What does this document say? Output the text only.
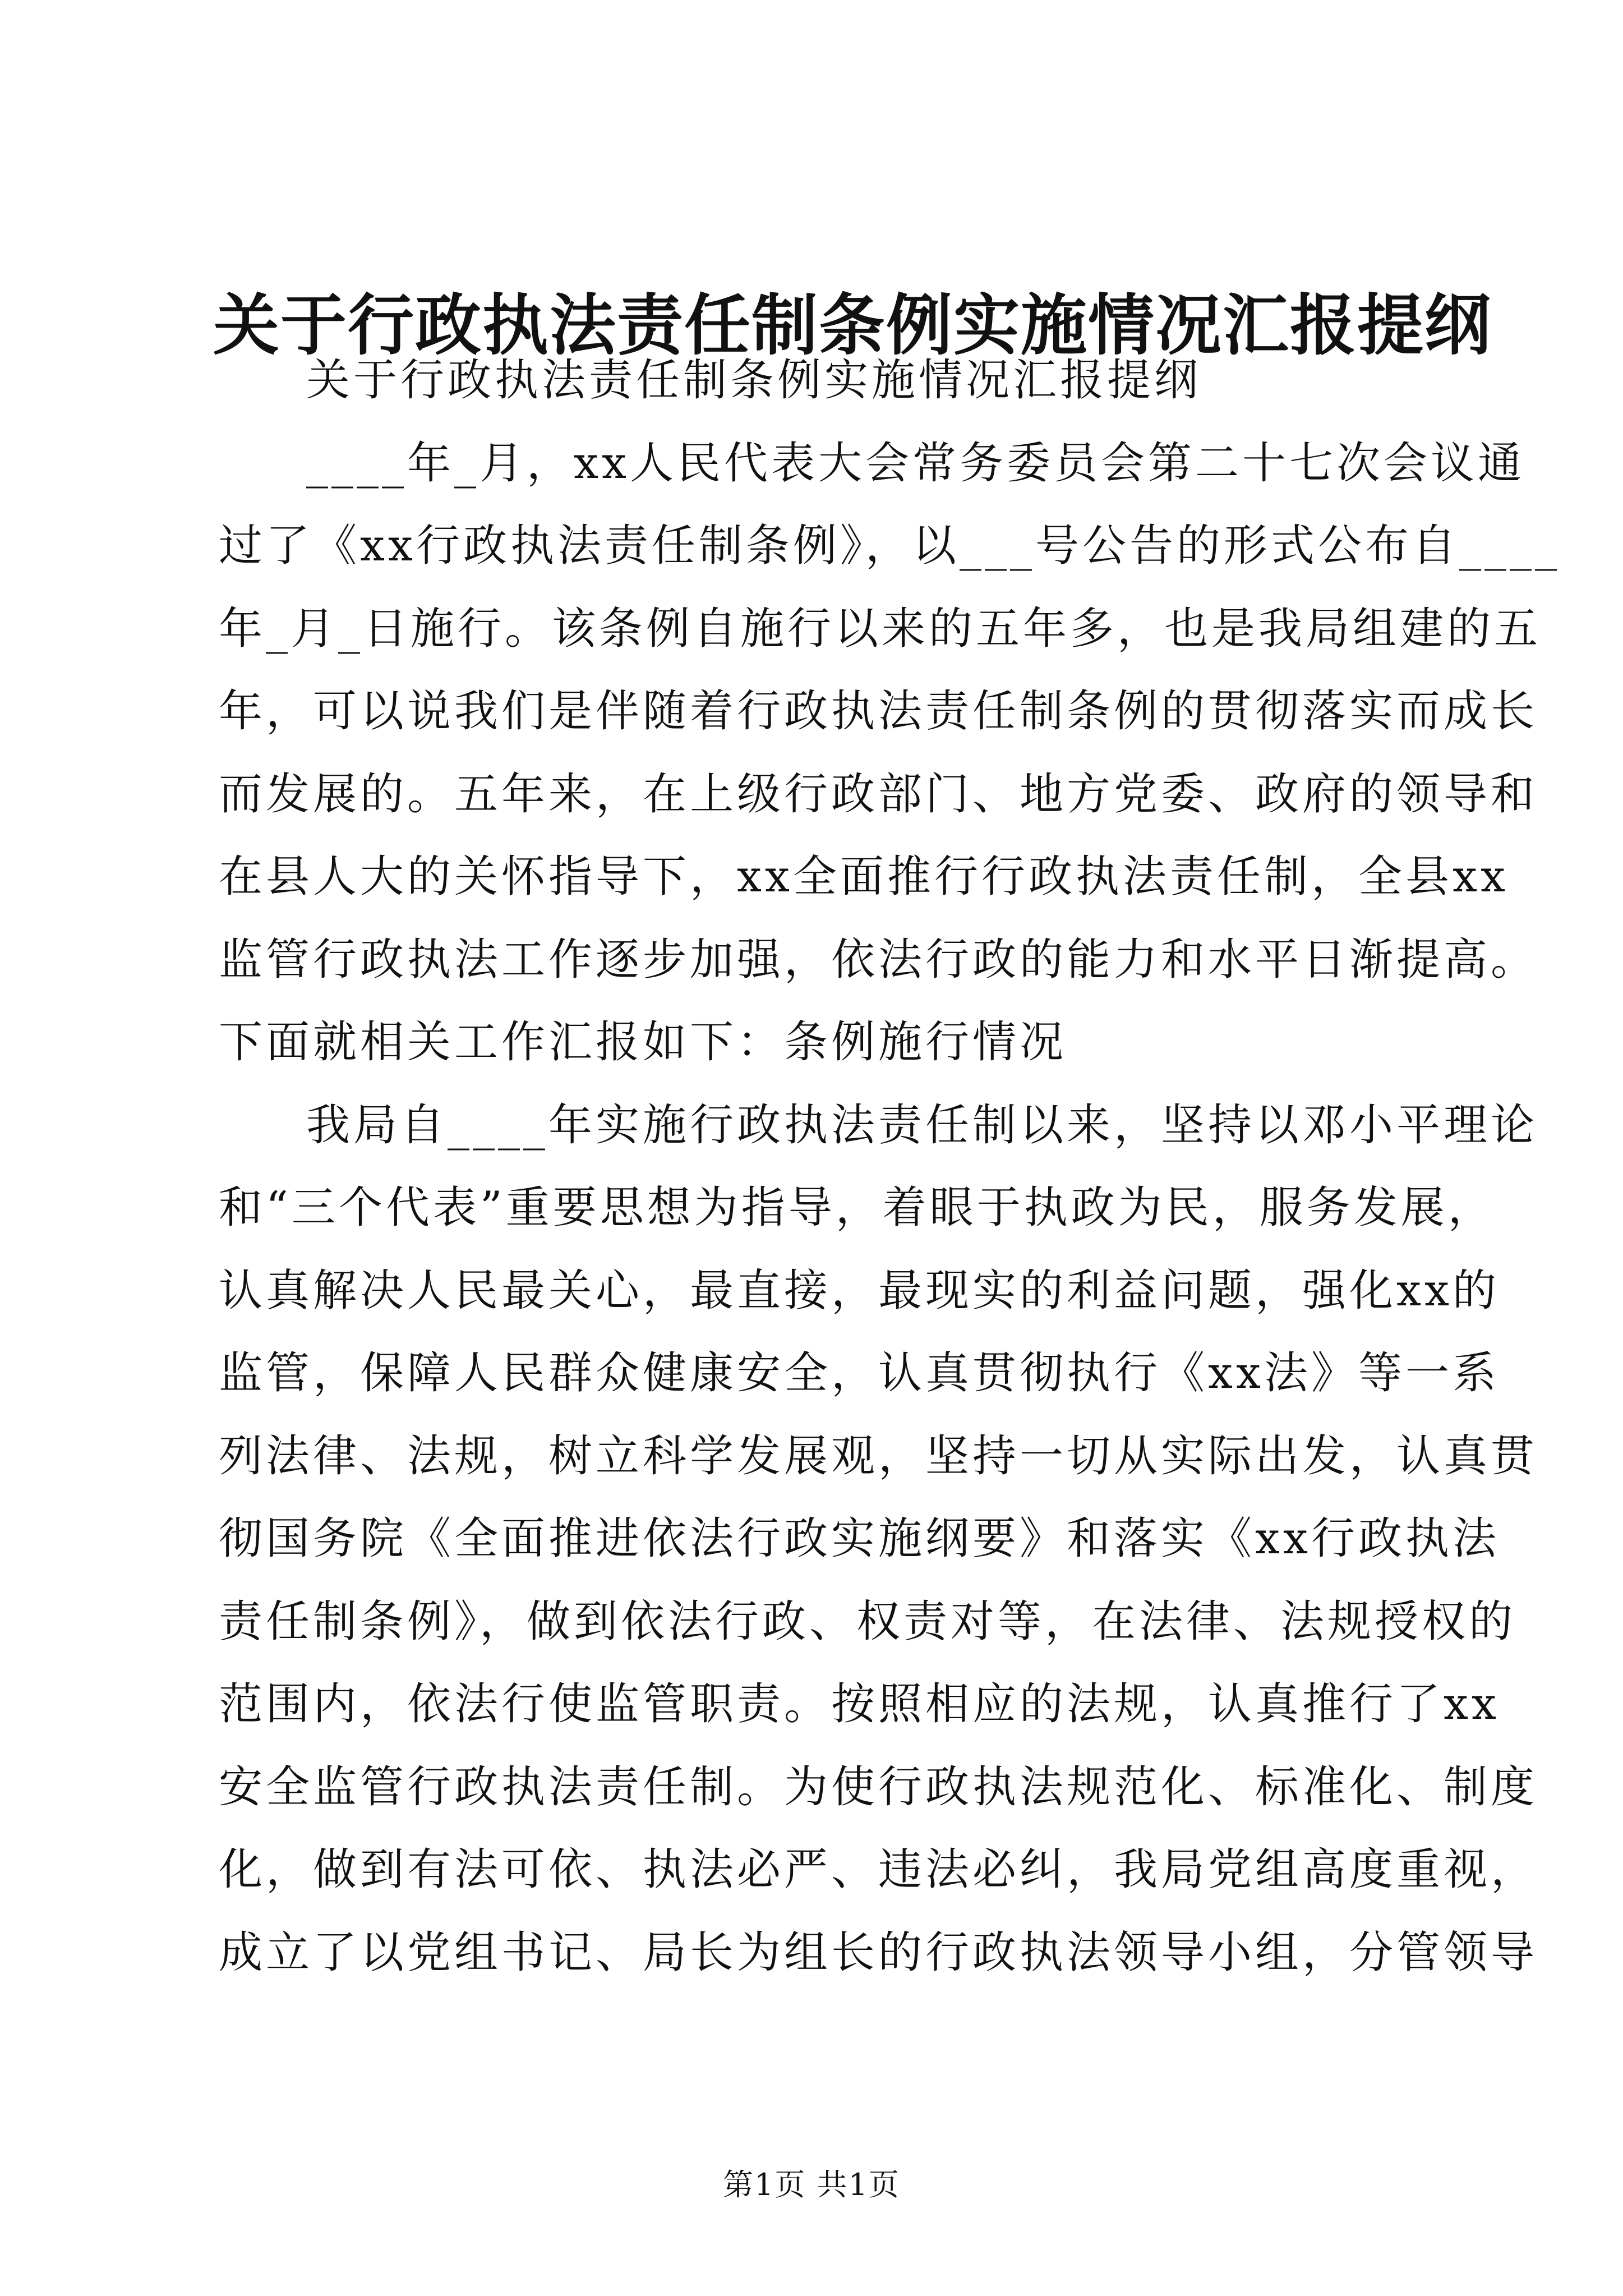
关于行政执法责任制条例实施情况汇报提纲

关于行政执法责任制条例实施情况汇报提纲

____年_月，xx人民代表大会常务委员会第二十七次会议通

过了《xx行政执法责任制条例》，以___号公告的形式公布自____

年_月_日施行。该条例自施行以来的五年多，也是我局组建的五

年，可以说我们是伴随着行政执法责任制条例的贯彻落实而成长

而发展的。五年来，在上级行政部门、地方党委、政府的领导和

在县人大的关怀指导下，xx全面推行行政执法责任制，全县xx

监管行政执法工作逐步加强，依法行政的能力和水平日渐提高。

下面就相关工作汇报如下：条例施行情况

我局自____年实施行政执法责任制以来，坚持以邓小平理论

和“三个代表”重要思想为指导，着眼于执政为民，服务发展，

认真解决人民最关心，最直接，最现实的利益问题，强化xx的

监管，保障人民群众健康安全，认真贯彻执行《xx法》等一系

列法律、法规，树立科学发展观，坚持一切从实际出发，认真贯

彻国务院《全面推进依法行政实施纲要》和落实《xx行政执法

责任制条例》，做到依法行政、权责对等，在法律、法规授权的

范围内，依法行使监管职责。按照相应的法规，认真推行了xx

安全监管行政执法责任制。为使行政执法规范化、标准化、制度

化，做到有法可依、执法必严、违法必纠，我局党组高度重视，

成立了以党组书记、局长为组长的行政执法领导小组，分管领导

第1页 共1页
